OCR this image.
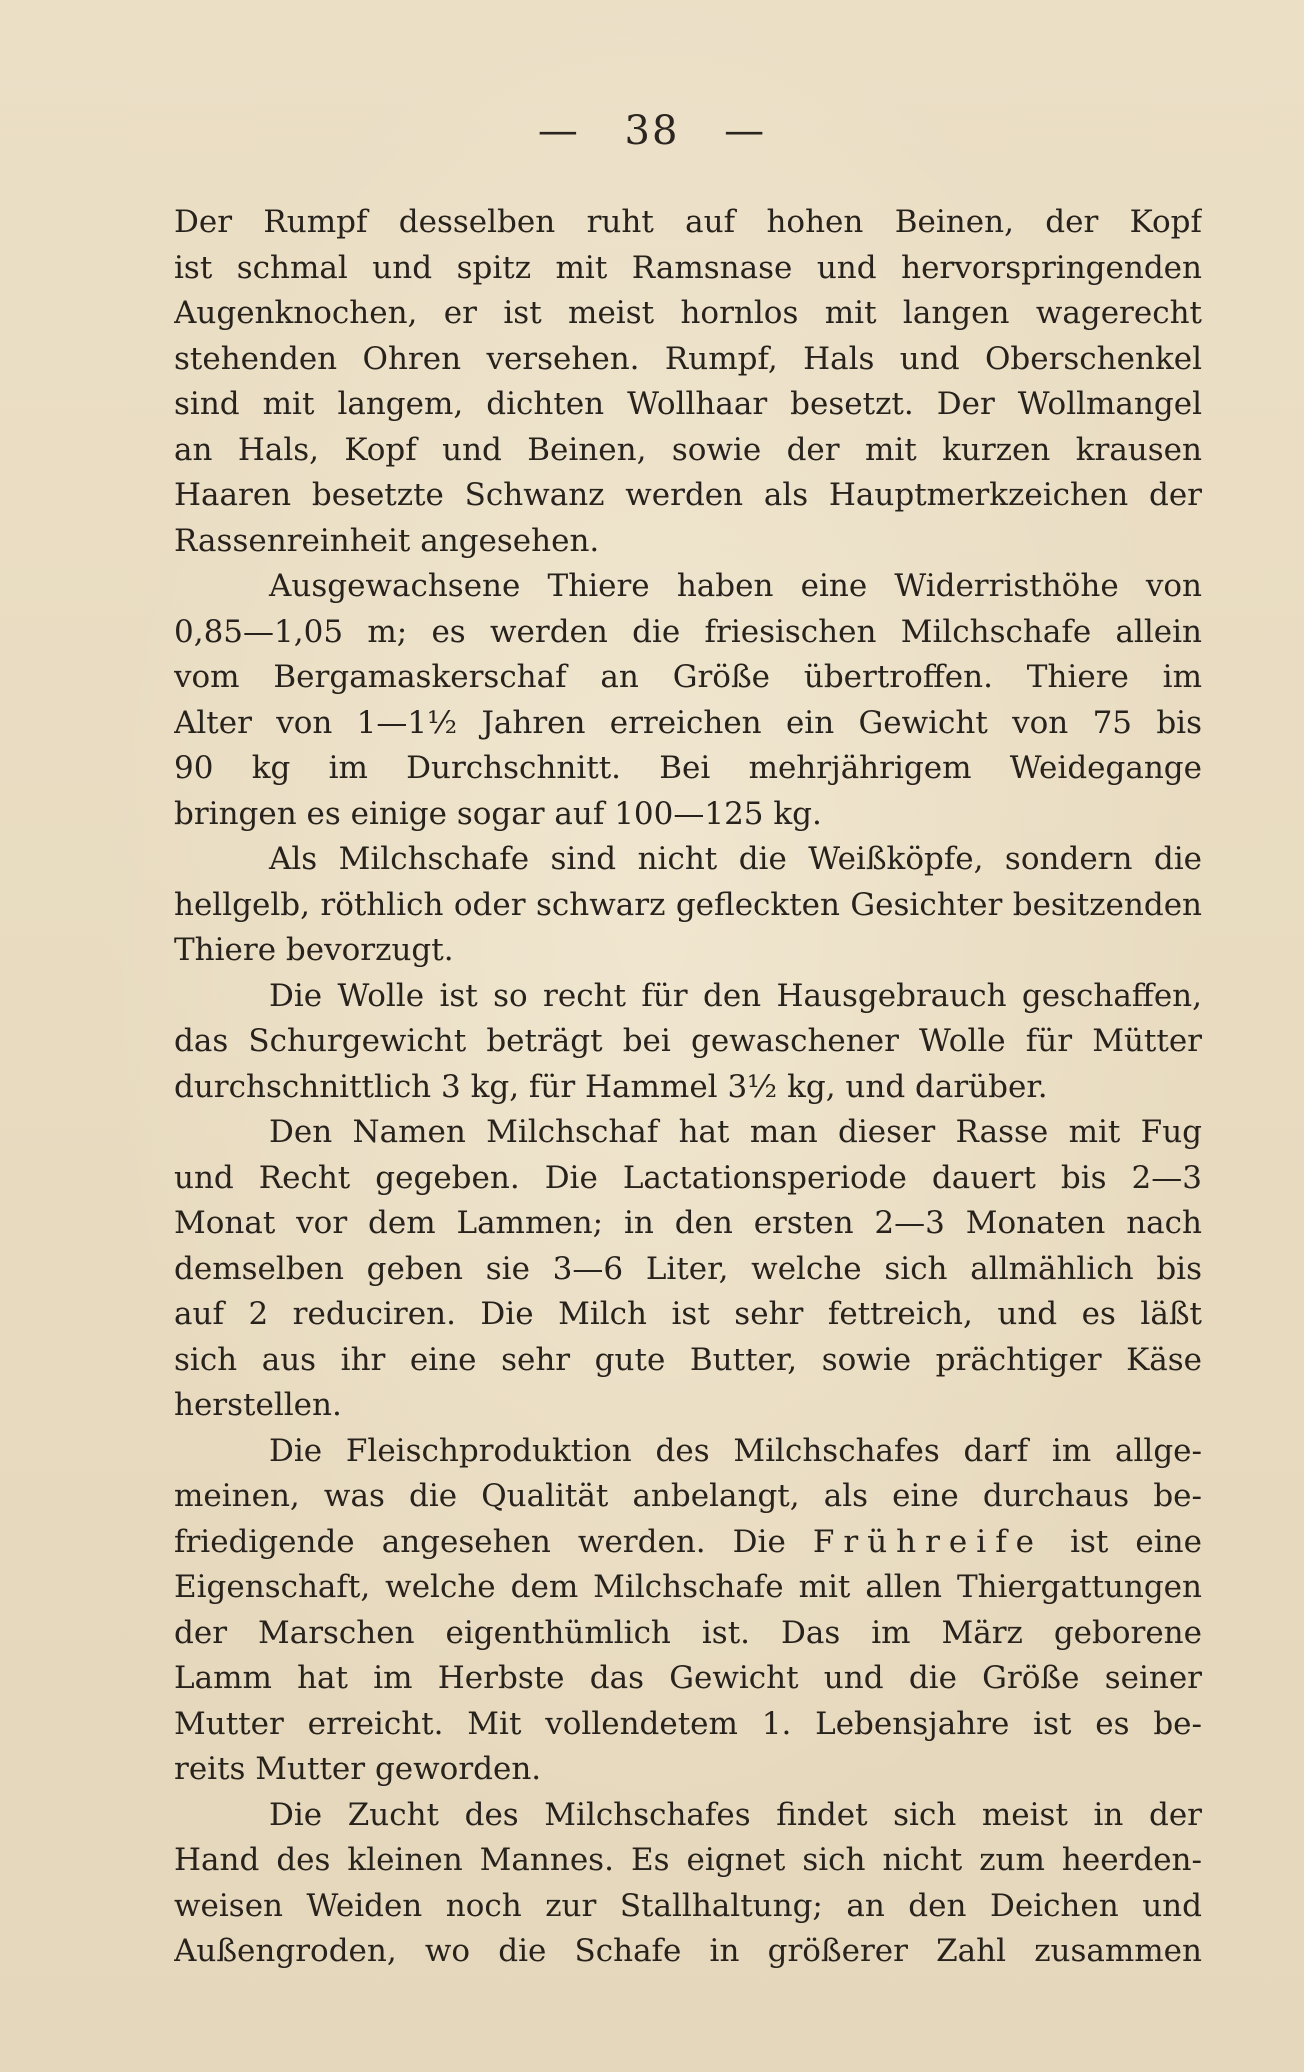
— 38 —
Der Rumpf desselben ruht auf hohen Beinen, der Kopf
ist schmal und spitz mit Ramsnase und hervorspringenden
Augenknochen, er ist meist hornlos mit langen wagerecht
stehenden Ohren versehen. Rumpf, Hals und Oberschenkel
sind mit langem, dichten Wollhaar besetzt. Der Wollmangel
an Hals, Kopf und Beinen, sowie der mit kurzen krausen
Haaren besetzte Schwanz werden als Hauptmerkzeichen der
Rassenreinheit angesehen.
Ausgewachsene Thiere haben eine Widerristhöhe von
0,85—1,05 m; es werden die friesischen Milchschafe allein
vom Bergamaskerschaf an Größe übertroffen. Thiere im
Alter von 1—1½ Jahren erreichen ein Gewicht von 75 bis
90 kg im Durchschnitt. Bei mehrjährigem Weidegange
bringen es einige sogar auf 100—125 kg.
Als Milchschafe sind nicht die Weißköpfe, sondern die
hellgelb, röthlich oder schwarz gefleckten Gesichter besitzenden
Thiere bevorzugt.
Die Wolle ist so recht für den Hausgebrauch geschaffen,
das Schurgewicht beträgt bei gewaschener Wolle für Mütter
durchschnittlich 3 kg, für Hammel 3½ kg, und darüber.
Den Namen Milchschaf hat man dieser Rasse mit Fug
und Recht gegeben. Die Lactationsperiode dauert bis 2—3
Monat vor dem Lammen; in den ersten 2—3 Monaten nach
demselben geben sie 3—6 Liter, welche sich allmählich bis
auf 2 reduciren. Die Milch ist sehr fettreich, und es läßt
sich aus ihr eine sehr gute Butter, sowie prächtiger Käse
herstellen.
Die Fleischproduktion des Milchschafes darf im allge-
meinen, was die Qualität anbelangt, als eine durchaus be-
friedigende angesehen werden. Die Frühreife ist eine
Eigenschaft, welche dem Milchschafe mit allen Thiergattungen
der Marschen eigenthümlich ist. Das im März geborene
Lamm hat im Herbste das Gewicht und die Größe seiner
Mutter erreicht. Mit vollendetem 1. Lebensjahre ist es be-
reits Mutter geworden.
Die Zucht des Milchschafes findet sich meist in der
Hand des kleinen Mannes. Es eignet sich nicht zum heerden-
weisen Weiden noch zur Stallhaltung; an den Deichen und
Außengroden, wo die Schafe in größerer Zahl zusammen
